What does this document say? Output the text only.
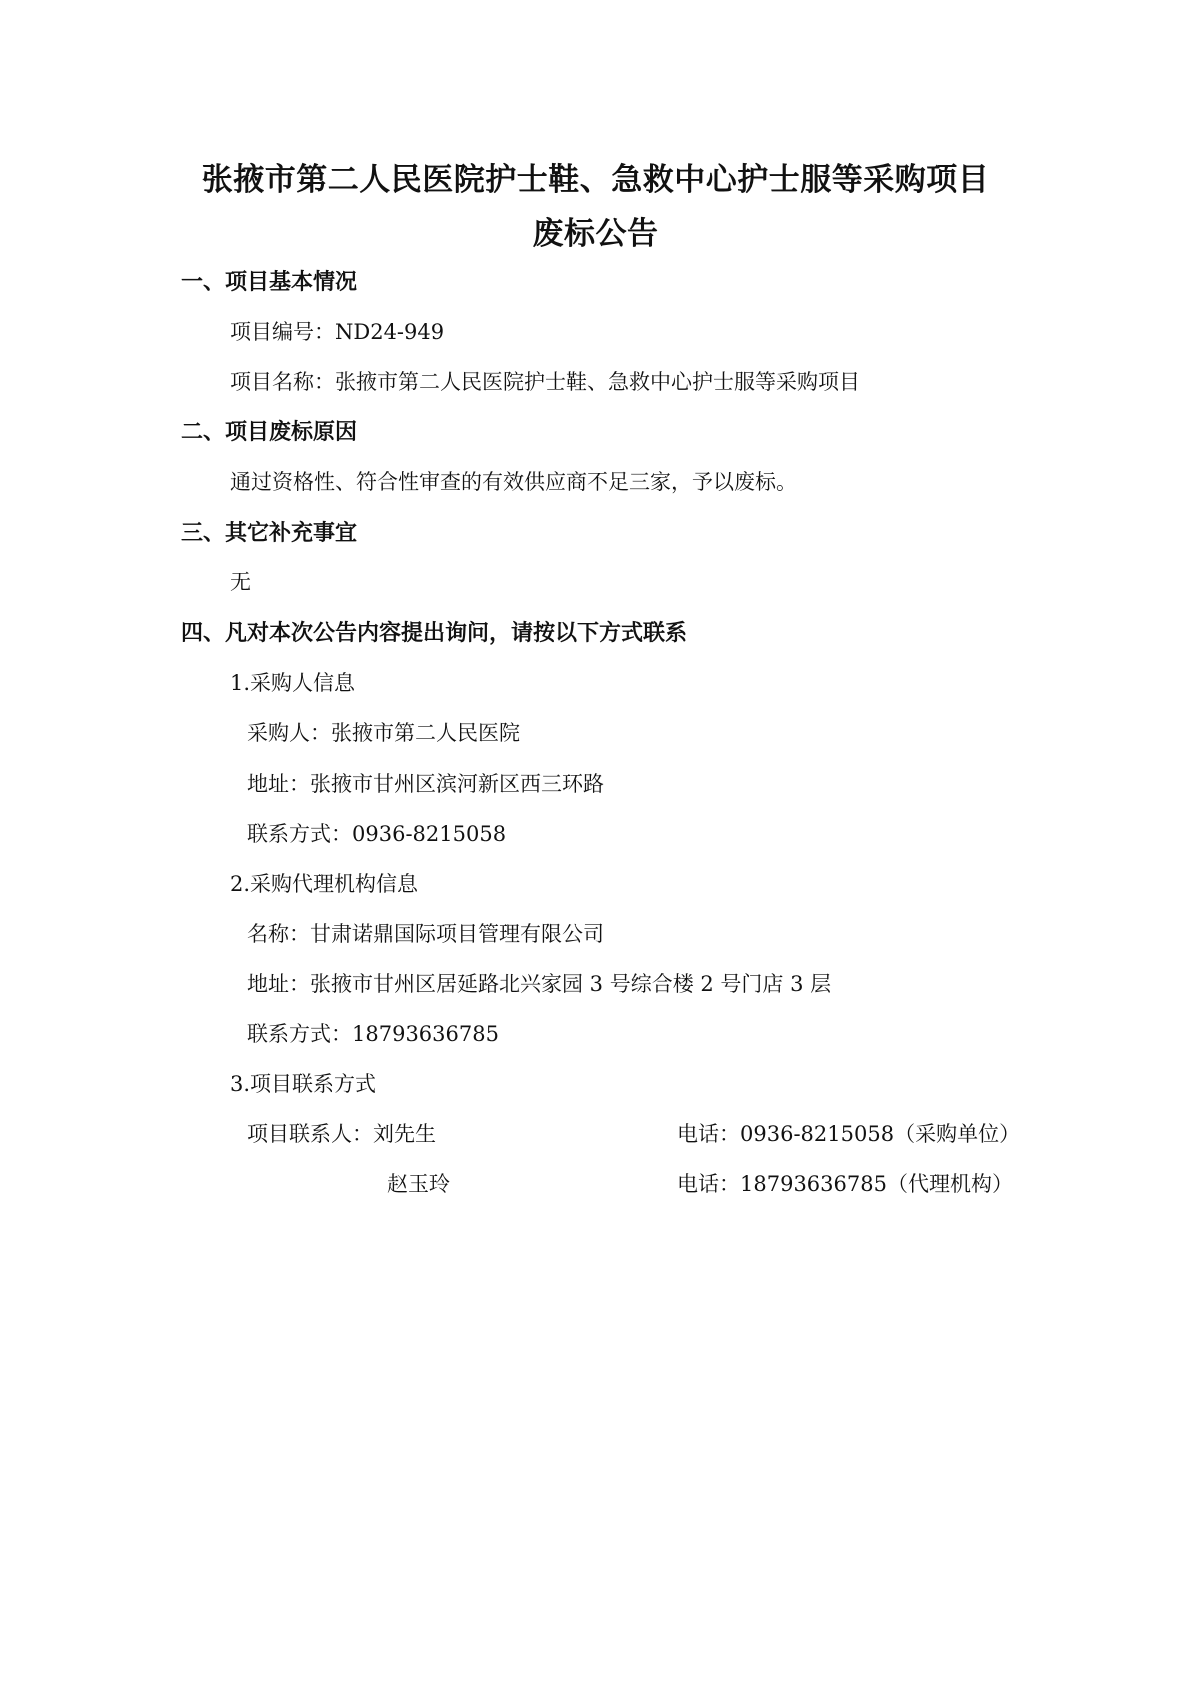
张掖市第二人民医院护士鞋、急救中心护士服等采购项目
废标公告
一、项目基本情况
项目编号：ND24-949
项目名称：张掖市第二人民医院护士鞋、急救中心护士服等采购项目
二、项目废标原因
通过资格性、符合性审查的有效供应商不足三家，予以废标。
三、其它补充事宜
无
四、凡对本次公告内容提出询问，请按以下方式联系
1.采购人信息
采购人：张掖市第二人民医院
地址：张掖市甘州区滨河新区西三环路
联系方式：0936-8215058
2.采购代理机构信息
名称：甘肃诺鼎国际项目管理有限公司
地址：张掖市甘州区居延路北兴家园 3 号综合楼 2 号门店 3 层
联系方式：18793636785
3.项目联系方式
项目联系人：刘先生	电话：0936-8215058（采购单位）
赵玉玲	电话：18793636785（代理机构）
